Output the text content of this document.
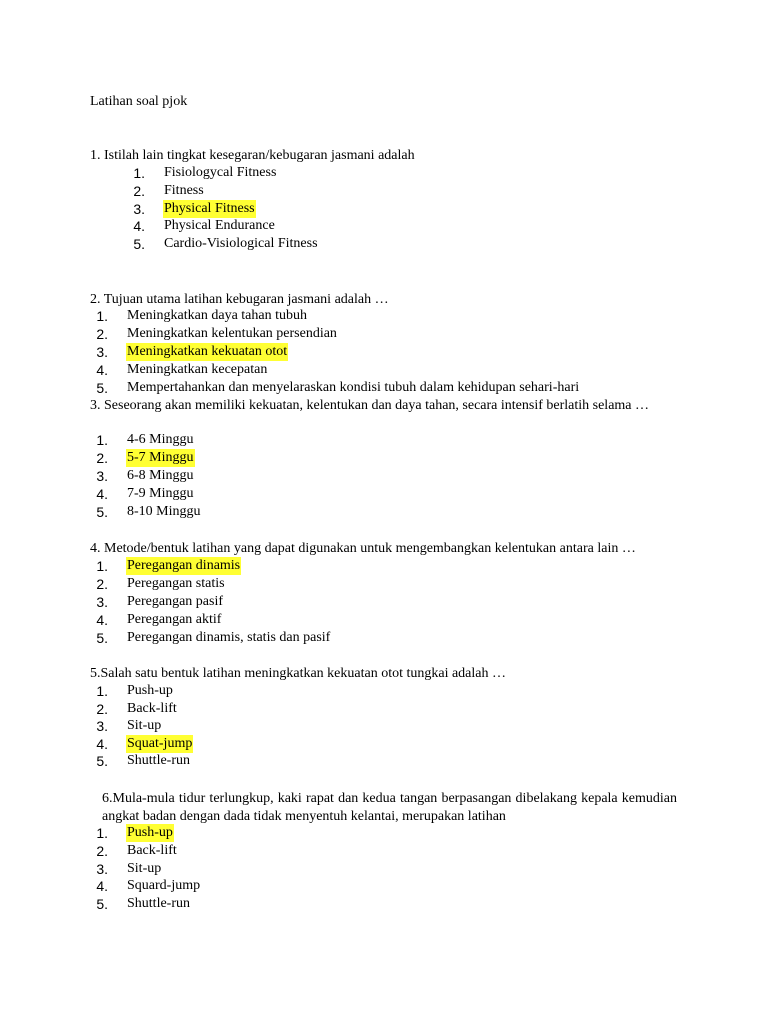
Latihan soal pjok
1. Istilah lain tingkat kesegaran/kebugaran jasmani adalah
1. Fisiologycal Fitness
2. Fitness
3. Physical Fitness
4. Physical Endurance
5. Cardio-Visiological Fitness
2. Tujuan utama latihan kebugaran jasmani adalah …
1. Meningkatkan daya tahan tubuh
2. Meningkatkan kelentukan persendian
3. Meningkatkan kekuatan otot
4. Meningkatkan kecepatan
5. Mempertahankan dan menyelaraskan kondisi tubuh dalam kehidupan sehari-hari
3. Seseorang akan memiliki kekuatan, kelentukan dan daya tahan, secara intensif berlatih selama …
1. 4-6 Minggu
2. 5-7 Minggu
3. 6-8 Minggu
4. 7-9 Minggu
5. 8-10 Minggu
4. Metode/bentuk latihan yang dapat digunakan untuk mengembangkan kelentukan antara lain …
1. Peregangan dinamis
2. Peregangan statis
3. Peregangan pasif
4. Peregangan aktif
5. Peregangan dinamis, statis dan pasif
5.Salah satu bentuk latihan meningkatkan kekuatan otot tungkai adalah …
1. Push-up
2. Back-lift
3. Sit-up
4. Squat-jump
5. Shuttle-run
6.Mula-mula tidur terlungkup, kaki rapat dan kedua tangan berpasangan dibelakang kepala kemudian angkat badan dengan dada tidak menyentuh kelantai, merupakan latihan
1. Push-up
2. Back-lift
3. Sit-up
4. Squard-jump
5. Shuttle-run
